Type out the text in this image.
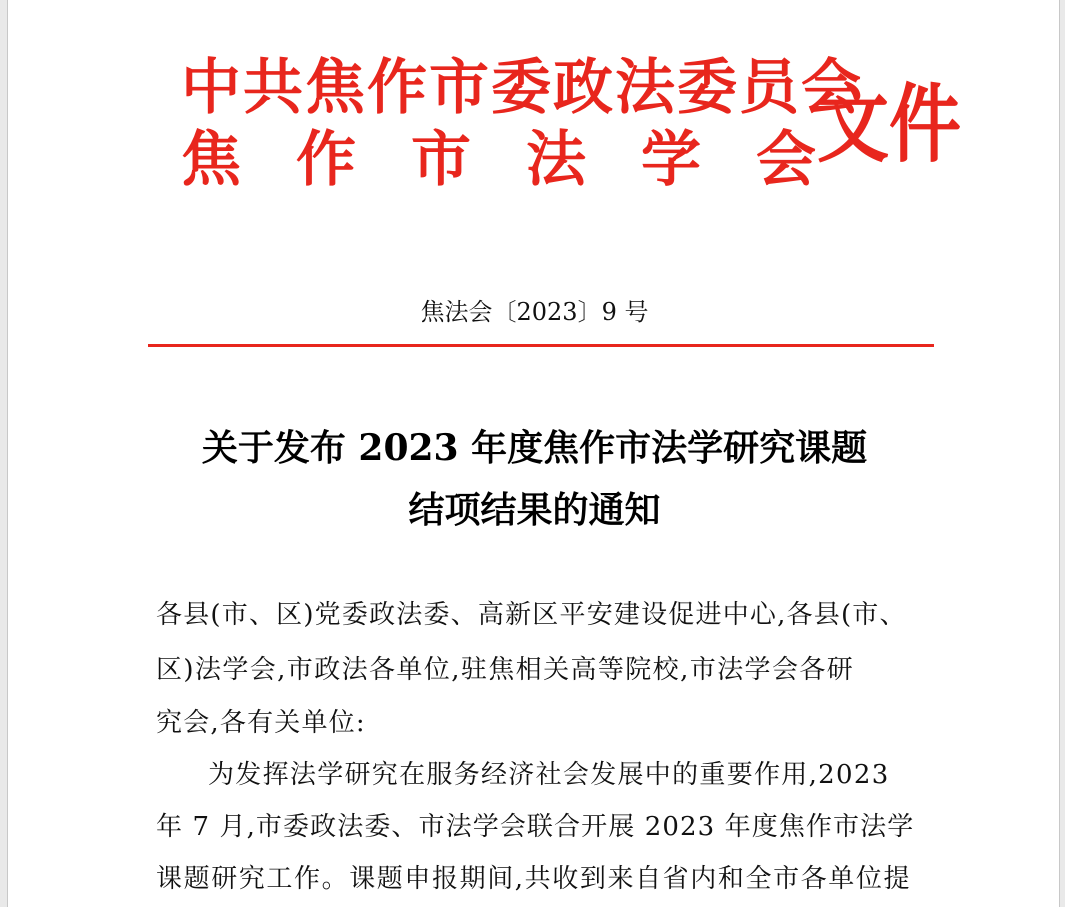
中共焦作市委政法委员会
焦作市法学会
文件
焦法会〔2023〕9 号
关于发布 2023 年度焦作市法学研究课题
结项结果的通知
各县(市、区)党委政法委、高新区平安建设促进中心,各县(市、
区)法学会,市政法各单位,驻焦相关高等院校,市法学会各研
究会,各有关单位:
为发挥法学研究在服务经济社会发展中的重要作用,2023
年 7 月,市委政法委、市法学会联合开展 2023 年度焦作市法学
课题研究工作。课题申报期间,共收到来自省内和全市各单位提
